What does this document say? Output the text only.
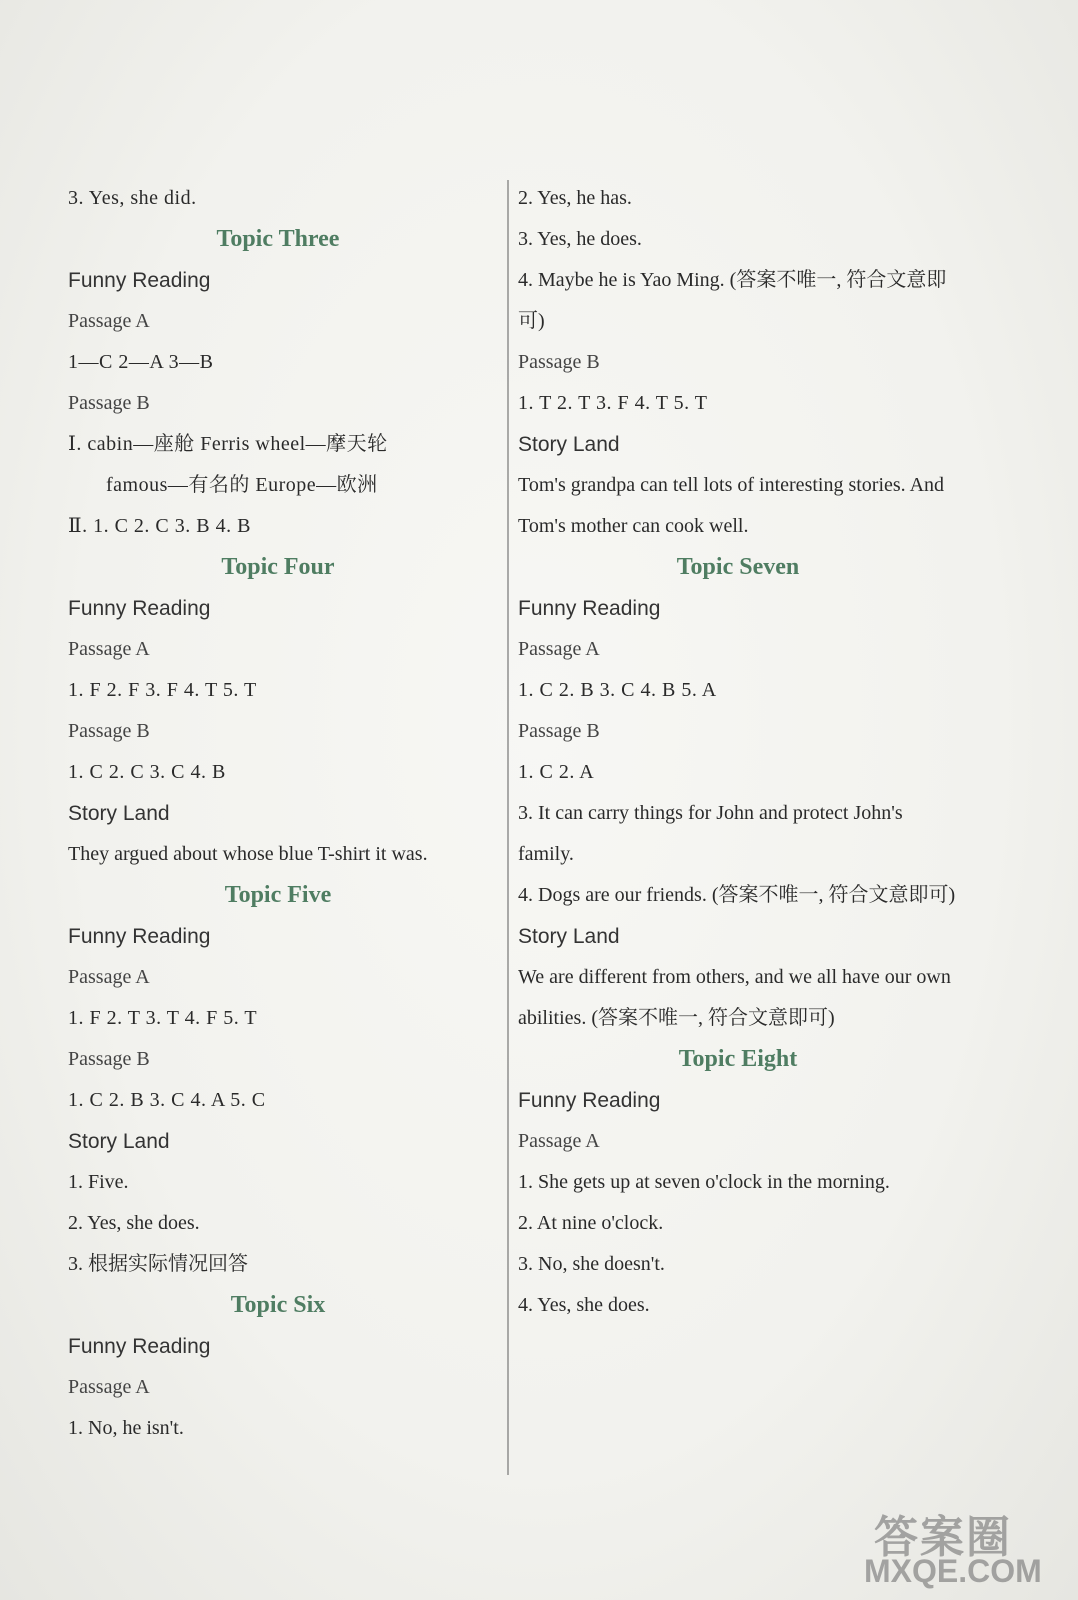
3. Yes, she did.
Topic Three
Funny Reading
Passage A
1—C 2—A 3—B
Passage B
Ⅰ. cabin—座舱 Ferris wheel—摩天轮
famous—有名的 Europe—欧洲
Ⅱ. 1. C 2. C 3. B 4. B
Topic Four
Funny Reading
Passage A
1. F 2. F 3. F 4. T 5. T
Passage B
1. C 2. C 3. C 4. B
Story Land
They argued about whose blue T-shirt it was.
Topic Five
Funny Reading
Passage A
1. F 2. T 3. T 4. F 5. T
Passage B
1. C 2. B 3. C 4. A 5. C
Story Land
1. Five.
2. Yes, she does.
3. 根据实际情况回答
Topic Six
Funny Reading
Passage A
1. No, he isn't.
2. Yes, he has.
3. Yes, he does.
4. Maybe he is Yao Ming. (答案不唯一, 符合文意即可)
Passage B
1. T 2. T 3. F 4. T 5. T
Story Land
Tom's grandpa can tell lots of interesting stories. And Tom's mother can cook well.
Topic Seven
Funny Reading
Passage A
1. C 2. B 3. C 4. B 5. A
Passage B
1. C 2. A
3. It can carry things for John and protect John's family.
4. Dogs are our friends. (答案不唯一, 符合文意即可)
Story Land
We are different from others, and we all have our own abilities. (答案不唯一, 符合文意即可)
Topic Eight
Funny Reading
Passage A
1. She gets up at seven o'clock in the morning.
2. At nine o'clock.
3. No, she doesn't.
4. Yes, she does.
答案圈
MXQE.COM
